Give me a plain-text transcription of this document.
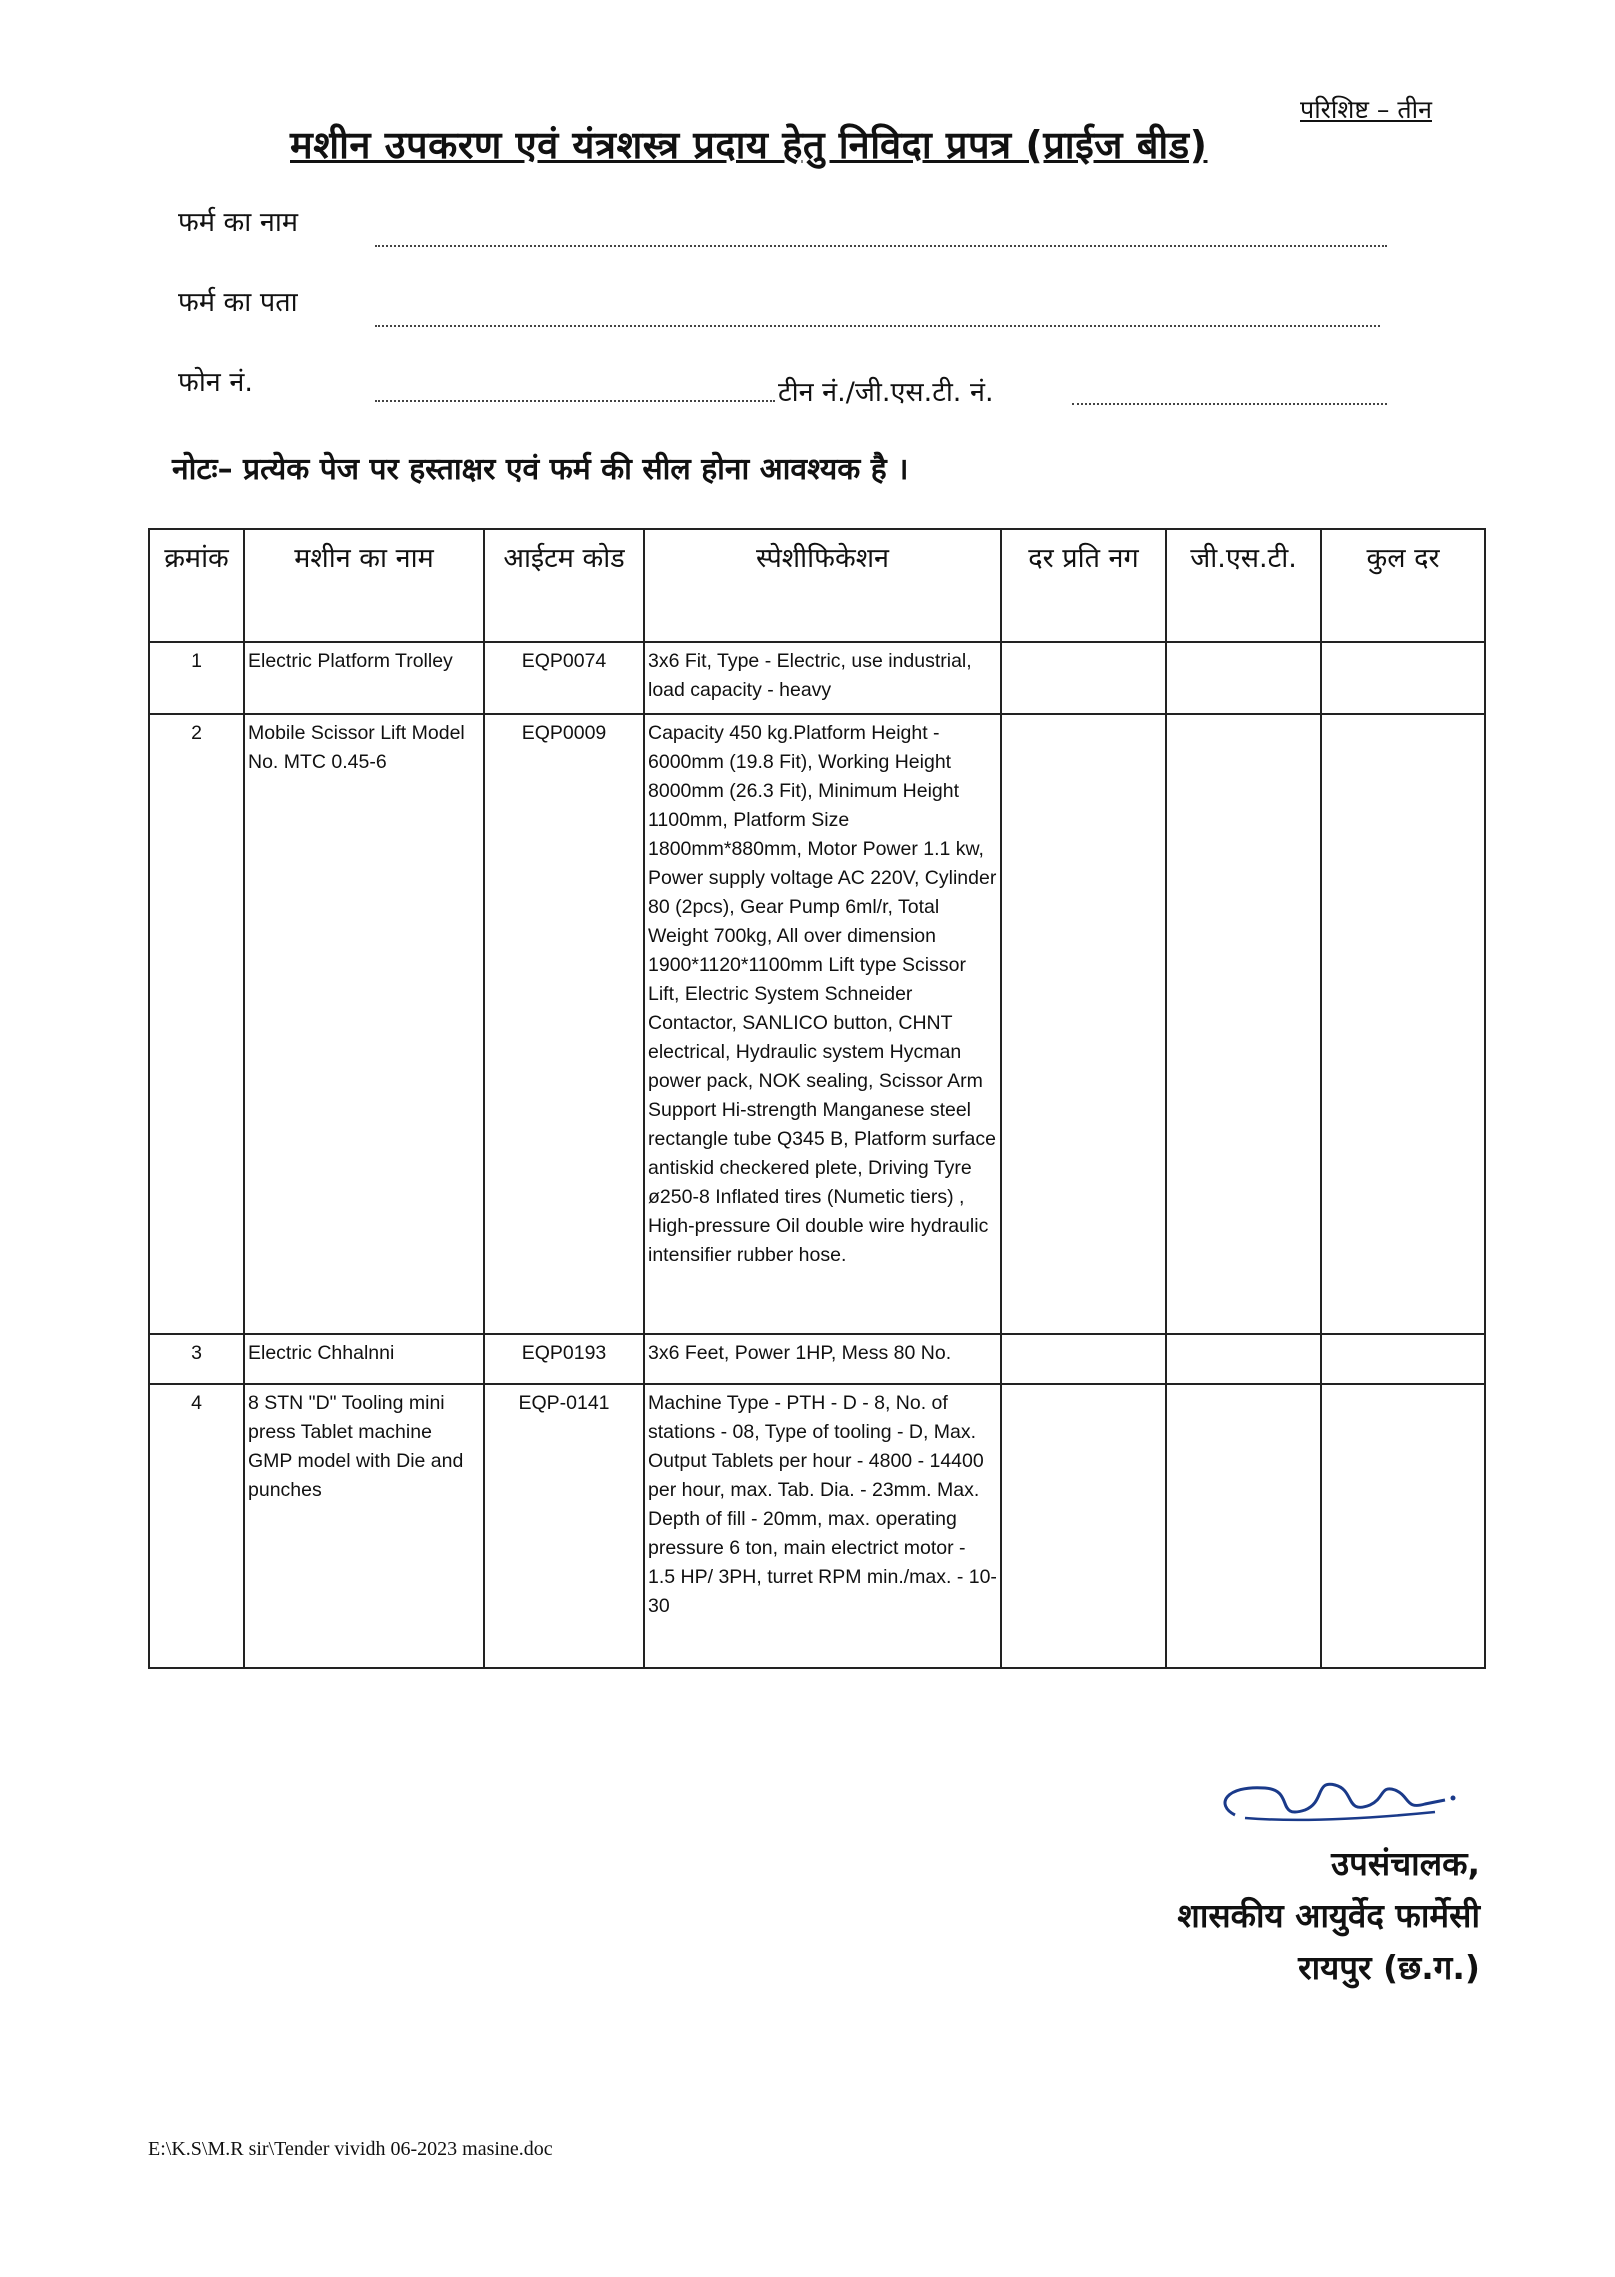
परिशिष्ट – तीन
मशीन उपकरण एवं यंत्रशस्त्र प्रदाय हेतु निविदा प्रपत्र (प्राईज बीड)
फर्म का नाम
फर्म का पता
फोन नं.	टीन नं./जी.एस.टी. नं.
नोटः– प्रत्येक पेज पर हस्ताक्षर एवं फर्म की सील होना आवश्यक है ।
क्रमांक	मशीन का नाम	आईटम कोड	स्पेशीफिकेशन	दर प्रति नग	जी.एस.टी.	कुल दर
1	Electric Platform Trolley	EQP0074	3x6 Fit, Type - Electric, use industrial, load capacity - heavy			
2	Mobile Scissor Lift Model No. MTC 0.45-6	EQP0009	Capacity 450 kg.Platform Height - 6000mm (19.8 Fit), Working Height 8000mm (26.3 Fit), Minimum Height 1100mm, Platform Size 1800mm*880mm, Motor Power 1.1 kw, Power supply voltage AC 220V, Cylinder 80 (2pcs), Gear Pump 6ml/r, Total Weight 700kg, All over dimension 1900*1120*1100mm Lift type Scissor Lift, Electric System Schneider Contactor, SANLICO button, CHNT electrical, Hydraulic system Hycman power pack, NOK sealing, Scissor Arm Support Hi-strength Manganese steel rectangle tube Q345 B, Platform surface antiskid checkered plete, Driving Tyre ø250-8 Inflated tires (Numetic tiers) , High-pressure Oil double wire hydraulic intensifier rubber hose.			
3	Electric Chhalnni	EQP0193	3x6 Feet, Power 1HP, Mess 80 No.			
4	8 STN "D" Tooling mini press Tablet machine GMP model with Die and punches	EQP-0141	Machine Type - PTH - D - 8, No. of stations - 08, Type of tooling - D, Max. Output Tablets per hour - 4800 - 14400 per hour, max. Tab. Dia. - 23mm. Max. Depth of fill - 20mm, max. operating pressure 6 ton, main electrict motor - 1.5 HP/ 3PH, turret RPM min./max. - 10-30			
उपसंचालक,
शासकीय आयुर्वेद फार्मेसी
रायपुर (छ.ग.)
E:\K.S\M.R sir\Tender vividh 06-2023 masine.doc
